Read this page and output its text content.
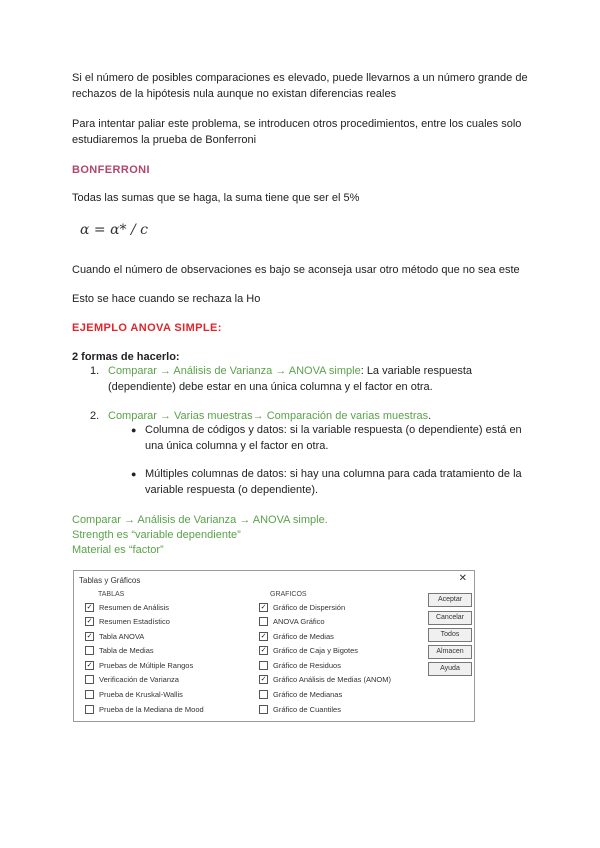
Si el número de posibles comparaciones es elevado, puede llevarnos a un número grande de rechazos de la hipótesis nula aunque no existan diferencias reales

Para intentar paliar este problema, se introducen otros procedimientos, entre los cuales solo estudiaremos la prueba de Bonferroni

BONFERRONI

Todas las sumas que se haga, la suma tiene que ser el 5%

α = α* / c

Cuando el número de observaciones es bajo se aconseja usar otro método que no sea este

Esto se hace cuando se rechaza la Ho

EJEMPLO ANOVA SIMPLE:

2 formas de hacerlo:

1. Comparar → Análisis de Varianza → ANOVA simple: La variable respuesta (dependiente) debe estar en una única columna y el factor en otra.
2. Comparar → Varias muestras→ Comparación de varias muestras.
● Columna de códigos y datos: si la variable respuesta (o dependiente) está en una única columna y el factor en otra.
● Múltiples columnas de datos: si hay una columna para cada tratamiento de la variable respuesta (o dependiente).

Comparar → Análisis de Varianza → ANOVA simple.

Strength es “variable dependiente”

Material es “factor”

Tablas y Gráficos	✕
TABLAS	GRAFICOS
✓ Resumen de Análisis
✓ Resumen Estadístico
✓ Tabla ANOVA
Tabla de Medias
✓ Pruebas de Múltiple Rangos
Verificación de Varianza
Prueba de Kruskal-Wallis
Prueba de la Mediana de Mood
✓ Gráfico de Dispersión
ANOVA Gráfico
✓ Gráfico de Medias
✓ Gráfico de Caja y Bigotes
Gráfico de Residuos
✓ Gráfico Análisis de Medias (ANOM)
Gráfico de Medianas
Gráfico de Cuantiles
Aceptar
Cancelar
Todos
Almacen
Ayuda
